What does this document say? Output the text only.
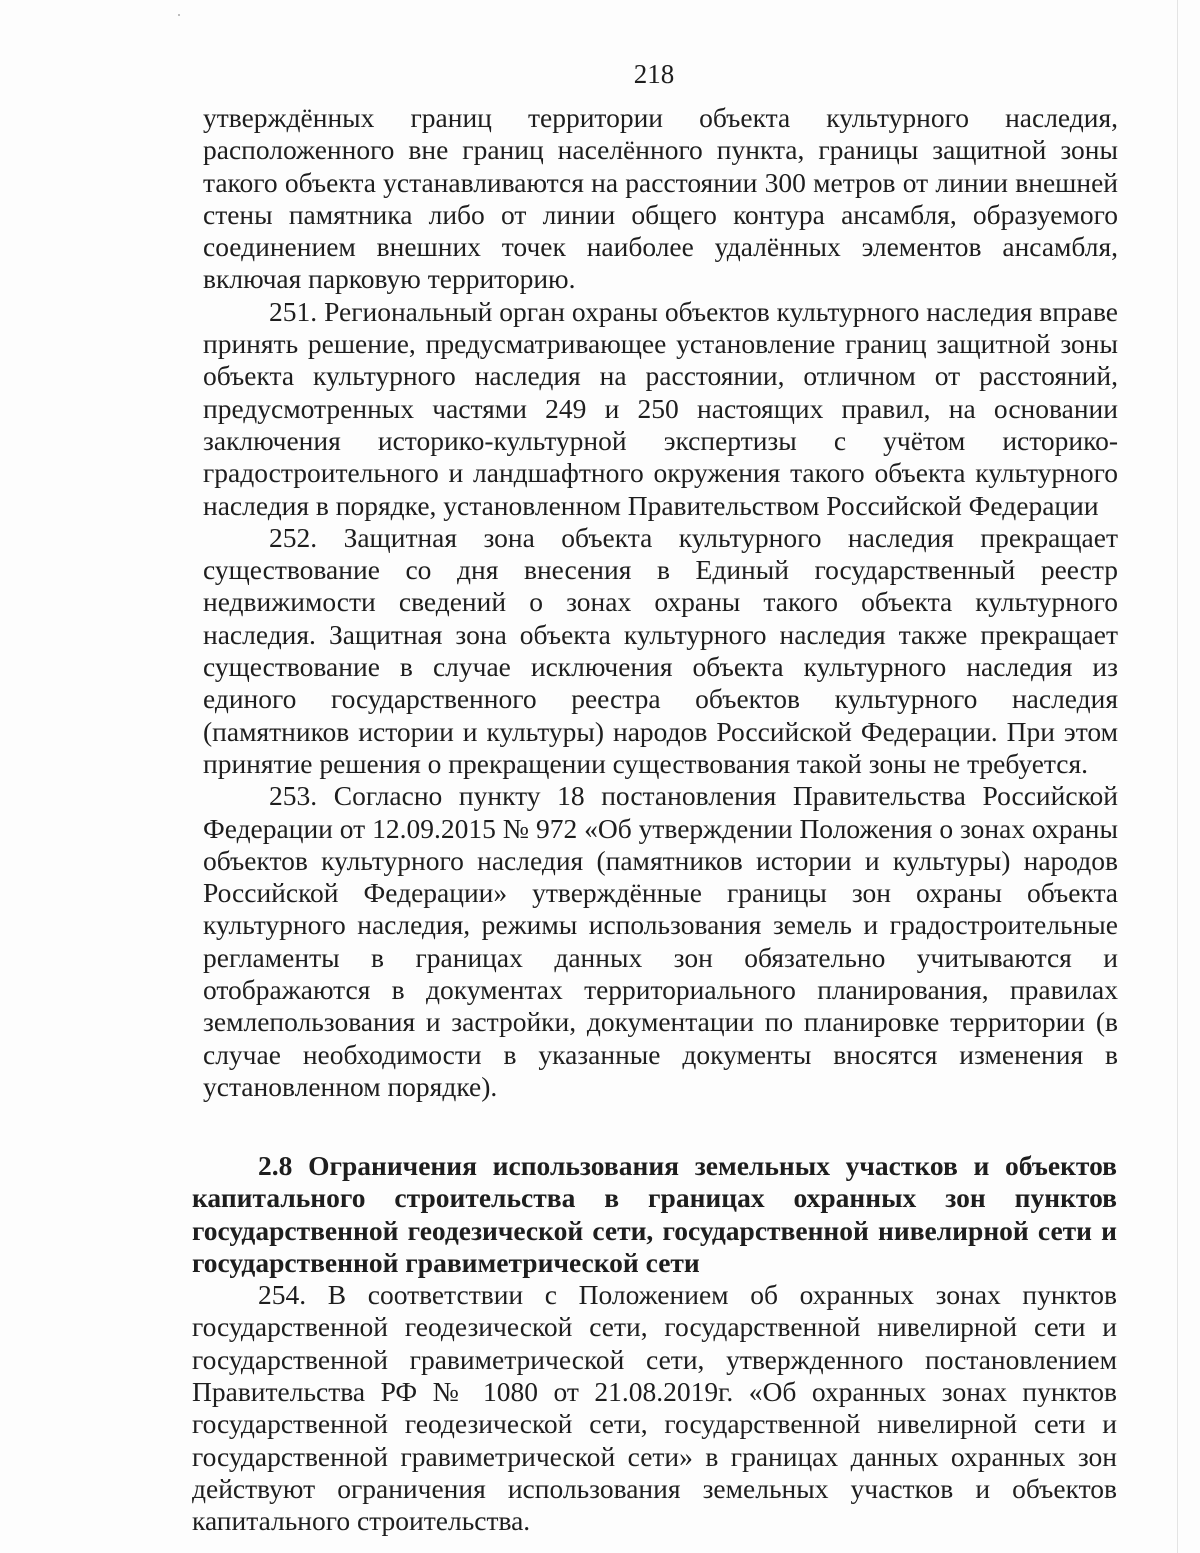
218

утверждённых границ территории объекта культурного наследия, расположенного вне границ населённого пункта, границы защитной зоны такого объекта устанавливаются на расстоянии 300 метров от линии внешней стены памятника либо от линии общего контура ансамбля, образуемого соединением внешних точек наиболее удалённых элементов ансамбля, включая парковую территорию.

251. Региональный орган охраны объектов культурного наследия вправе принять решение, предусматривающее установление границ защитной зоны объекта культурного наследия на расстоянии, отличном от расстояний, предусмотренных частями 249 и 250 настоящих правил, на основании заключения историко-культурной экспертизы с учётом историко-градостроительного и ландшафтного окружения такого объекта культурного наследия в порядке, установленном Правительством Российской Федерации

252. Защитная зона объекта культурного наследия прекращает существование со дня внесения в Единый государственный реестр недвижимости сведений о зонах охраны такого объекта культурного наследия. Защитная зона объекта культурного наследия также прекращает существование в случае исключения объекта культурного наследия из единого государственного реестра объектов культурного наследия (памятников истории и культуры) народов Российской Федерации. При этом принятие решения о прекращении существования такой зоны не требуется.

253. Согласно пункту 18 постановления Правительства Российской Федерации от 12.09.2015 № 972 «Об утверждении Положения о зонах охраны объектов культурного наследия (памятников истории и культуры) народов Российской Федерации» утверждённые границы зон охраны объекта культурного наследия, режимы использования земель и градостроительные регламенты в границах данных зон обязательно учитываются и отображаются в документах территориального планирования, правилах землепользования и застройки, документации по планировке территории (в случае необходимости в указанные документы вносятся изменения в установленном порядке).

2.8 Ограничения использования земельных участков и объектов капитального строительства в границах охранных зон пунктов государственной геодезической сети, государственной нивелирной сети и государственной гравиметрической сети

254. В соответствии с Положением об охранных зонах пунктов государственной геодезической сети, государственной нивелирной сети и государственной гравиметрической сети, утвержденного постановлением Правительства РФ № 1080 от 21.08.2019г. «Об охранных зонах пунктов государственной геодезической сети, государственной нивелирной сети и государственной гравиметрической сети» в границах данных охранных зон действуют ограничения использования земельных участков и объектов капитального строительства.
